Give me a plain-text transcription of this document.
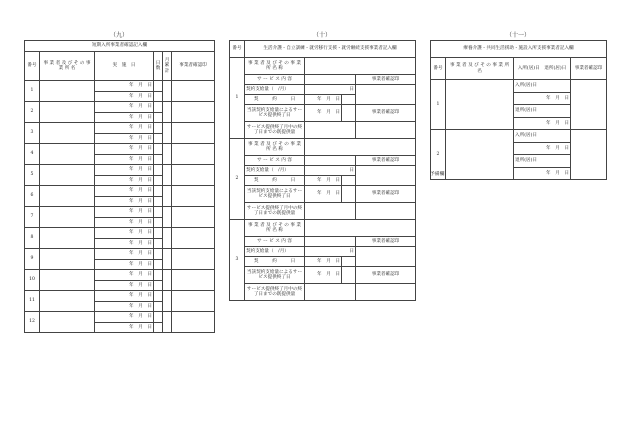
（九）
短期入所事業者確認記入欄					
番号	事 業 者 及 び そ の 事 業 所 名	実　施　日	日数	月累計	事業者確認印
1		年　月　日			
		年　月　日			
2		年　月　日			
		年　月　日			
3		年　月　日			
		年　月　日			
4		年　月　日			
		年　月　日			
5		年　月　日			
		年　月　日			
6		年　月　日			
		年　月　日			
7		年　月　日			
		年　月　日			
8		年　月　日			
		年　月　日			
9		年　月　日			
		年　月　日			
10		年　月　日			
		年　月　日			
11		年　月　日			
		年　月　日			
12		年　月　日			
		年　月　日			
（十）
番号	生活介護・自立訓練・就労移行支援・就労継続支援事業者記入欄			
1	事 業 者 及 び そ の 事 業 所 名 称			
	サ ー ビ ス 内 容			事業者確認印
	契約支給量（　/月）	日		
	契　　　約　　　日	年　月　日		
	当該契約支給量によるサービス提供終了日	年　月　日		事業者確認印
	サービス提供終了月中の終了日までの既提供量			
2	事 業 者 及 び そ の 事 業 所 名 称			
	サ ー ビ ス 内 容			事業者確認印
	契約支給量（　/月）	日		
	契　　　約　　　日	年　月　日		
	当該契約支給量によるサービス提供終了日	年　月　日		事業者確認印
	サービス提供終了月中の終了日までの既提供量			
3	事 業 者 及 び そ の 事 業 所 名 称			
	サ ー ビ ス 内 容			事業者確認印
	契約支給量（　/月）	日		
	契　　　約　　　日	年　月　日		
	当該契約支給量によるサービス提供終了日	年　月　日		事業者確認印
	サービス提供終了月中の終了日までの既提供量			
（十一）
療養介護・共同生活援助・施設入所支援事業者記入欄			
番号	事 業 者 及 び そ の 事 業 所 名	入所(居)日　退所(居)日	事業者確認印
1		入所(居)日	
		年　月　日	
		退所(居)日	
		年　月　日	
2		入所(居)日	
		年　月　日	
		退所(居)日	
		年　月　日	
予備欄
